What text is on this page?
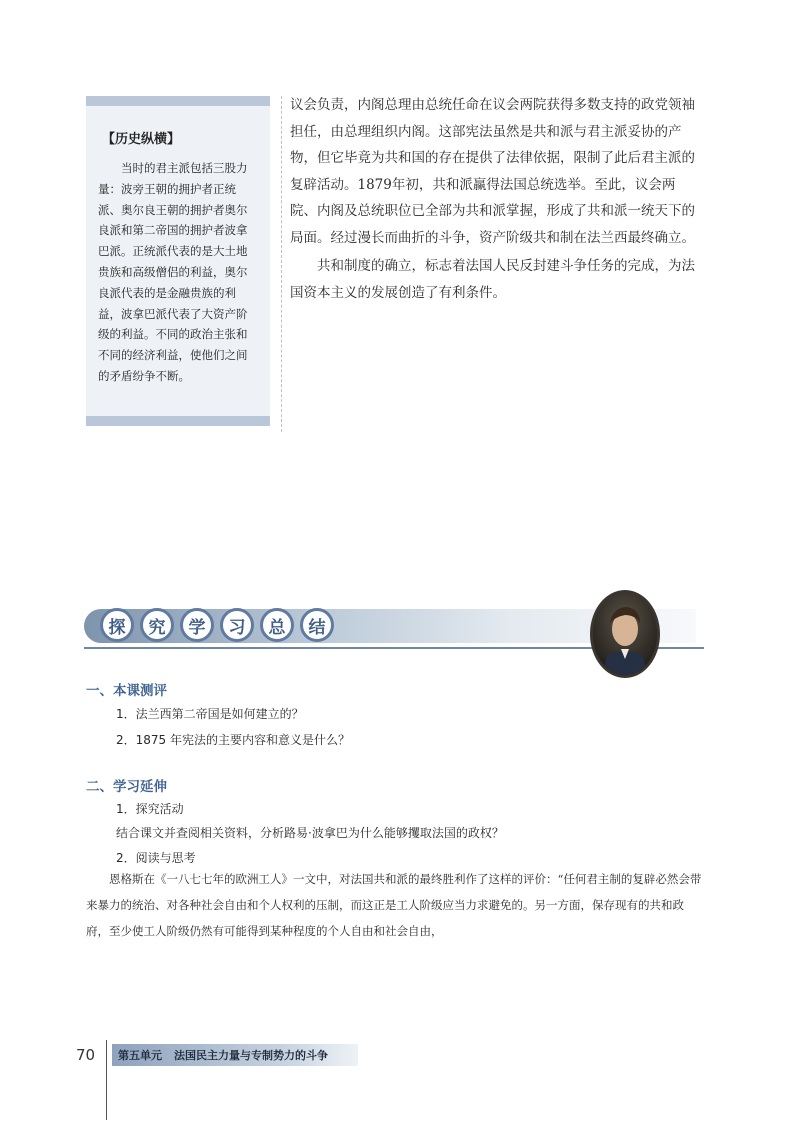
【历史纵横】
当时的君主派包括三股力量：波旁王朝的拥护者正统派、奥尔良王朝的拥护者奥尔良派和第二帝国的拥护者波拿巴派。正统派代表的是大土地贵族和高级僧侣的利益，奥尔良派代表的是金融贵族的利益，波拿巴派代表了大资产阶级的利益。不同的政治主张和不同的经济利益，使他们之间的矛盾纷争不断。

议会负责，内阁总理由总统任命在议会两院获得多数支持的政党领袖担任，由总理组织内阁。这部宪法虽然是共和派与君主派妥协的产物，但它毕竟为共和国的存在提供了法律依据，限制了此后君主派的复辟活动。1879年初，共和派赢得法国总统选举。至此，议会两院、内阁及总统职位已全部为共和派掌握，形成了共和派一统天下的局面。经过漫长而曲折的斗争，资产阶级共和制在法兰西最终确立。

共和制度的确立，标志着法国人民反封建斗争任务的完成，为法国资本主义的发展创造了有利条件。

探	究	学	习	总	结
一、本课测评
1．法兰西第二帝国是如何建立的？
2．1875 年宪法的主要内容和意义是什么？
二、学习延伸
1．探究活动
结合课文并查阅相关资料，分析路易·波拿巴为什么能够攫取法国的政权？
2．阅读与思考
恩格斯在《一八七七年的欧洲工人》一文中，对法国共和派的最终胜利作了这样的评价：“任何君主制的复辟必然会带来暴力的统治、对各种社会自由和个人权利的压制，而这正是工人阶级应当力求避免的。另一方面，保存现有的共和政府，至少使工人阶级仍然有可能得到某种程度的个人自由和社会自由，
70 第五单元 法国民主力量与专制势力的斗争
